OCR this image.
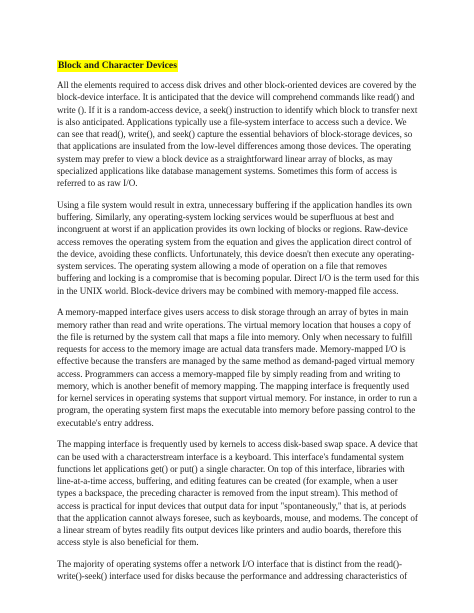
Block and Character Devices

All the elements required to access disk drives and other block-oriented devices are covered by the block-device interface. It is anticipated that the device will comprehend commands like read() and write (). If it is a random-access device, a seek() instruction to identify which block to transfer next is also anticipated. Applications typically use a file-system interface to access such a device. We can see that read(), write(), and seek() capture the essential behaviors of block-storage devices, so that applications are insulated from the low-level differences among those devices. The operating system may prefer to view a block device as a straightforward linear array of blocks, as may specialized applications like database management systems. Sometimes this form of access is referred to as raw I/O.

Using a file system would result in extra, unnecessary buffering if the application handles its own buffering. Similarly, any operating-system locking services would be superfluous at best and incongruent at worst if an application provides its own locking of blocks or regions. Raw-device access removes the operating system from the equation and gives the application direct control of the device, avoiding these conflicts. Unfortunately, this device doesn't then execute any operating-system services. The operating system allowing a mode of operation on a file that removes buffering and locking is a compromise that is becoming popular. Direct I/O is the term used for this in the UNIX world. Block-device drivers may be combined with memory-mapped file access.

A memory-mapped interface gives users access to disk storage through an array of bytes in main memory rather than read and write operations. The virtual memory location that houses a copy of the file is returned by the system call that maps a file into memory. Only when necessary to fulfill requests for access to the memory image are actual data transfers made. Memory-mapped I/O is effective because the transfers are managed by the same method as demand-paged virtual memory access. Programmers can access a memory-mapped file by simply reading from and writing to memory, which is another benefit of memory mapping. The mapping interface is frequently used for kernel services in operating systems that support virtual memory. For instance, in order to run a program, the operating system first maps the executable into memory before passing control to the executable's entry address.

The mapping interface is frequently used by kernels to access disk-based swap space. A device that can be used with a characterstream interface is a keyboard. This interface's fundamental system functions let applications get() or put() a single character. On top of this interface, libraries with line-at-a-time access, buffering, and editing features can be created (for example, when a user types a backspace, the preceding character is removed from the input stream). This method of access is practical for input devices that output data for input "spontaneously," that is, at periods that the application cannot always foresee, such as keyboards, mouse, and modems. The concept of a linear stream of bytes readily fits output devices like printers and audio boards, therefore this access style is also beneficial for them.

The majority of operating systems offer a network I/O interface that is distinct from the read()-write()-seek() interface used for disks because the performance and addressing characteristics of
